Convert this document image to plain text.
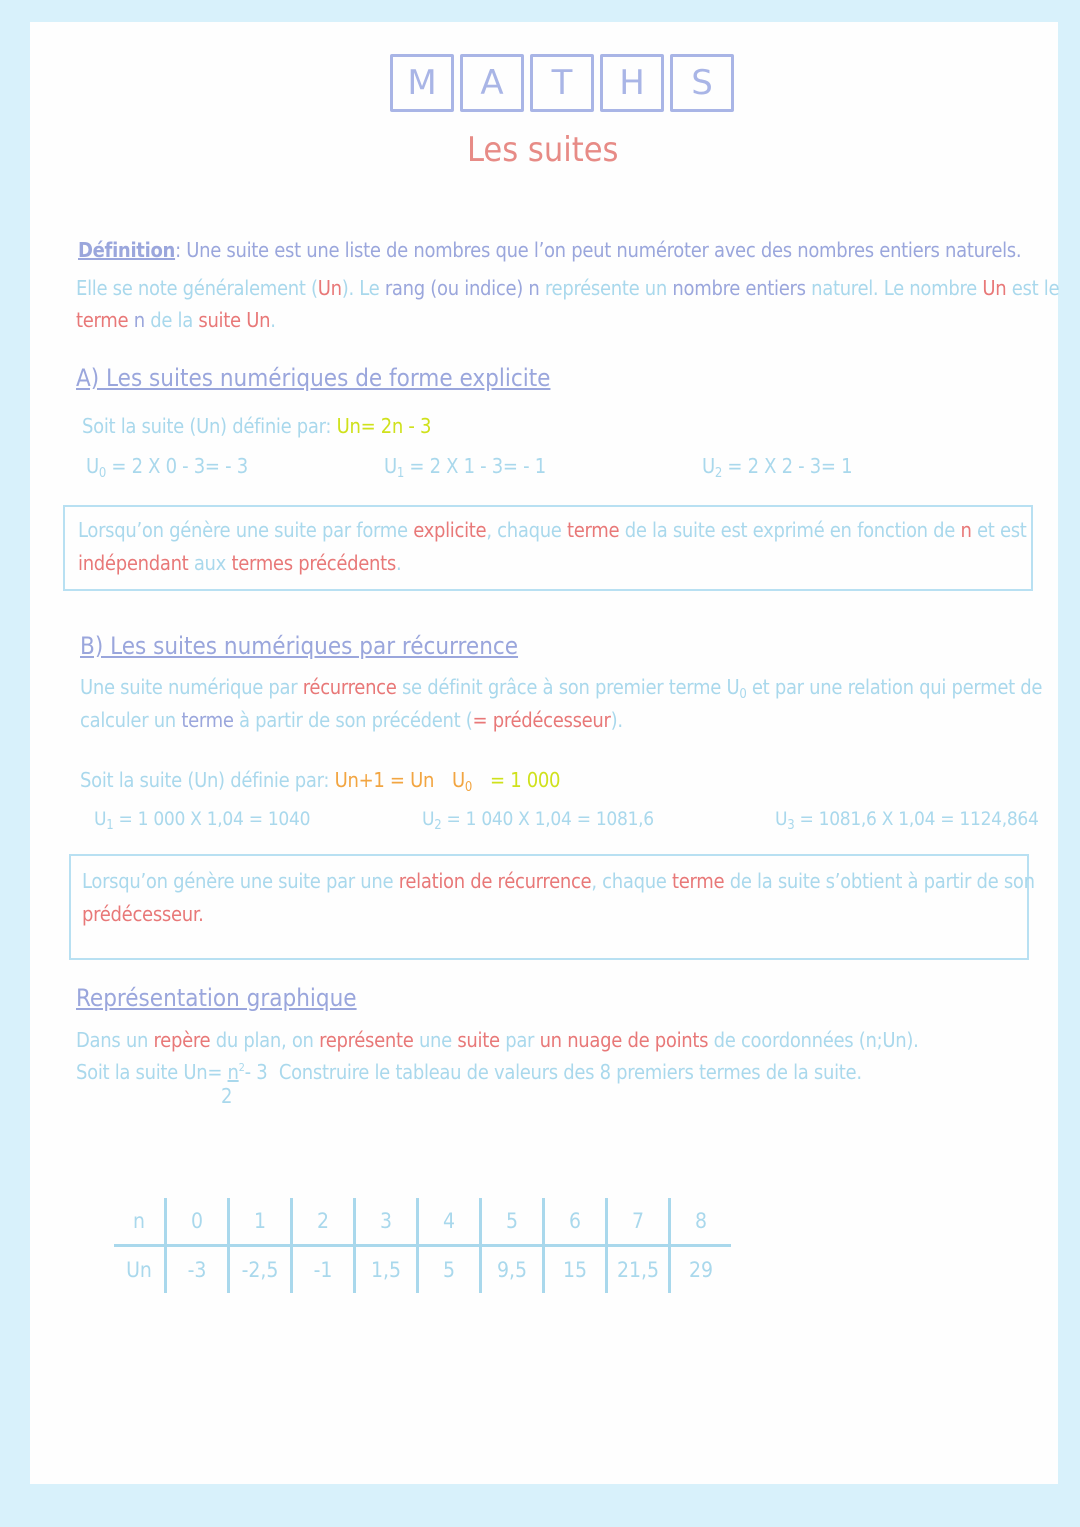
M	A	T	H	S
Les suites
Définition: Une suite est une liste de nombres que l’on peut numéroter avec des nombres entiers naturels.
Elle se note généralement (Un). Le rang (ou indice) n représente un nombre entiers naturel. Le nombre Un est le
terme n de la suite Un.
A) Les suites numériques de forme explicite
Soit la suite (Un) définie par: Un= 2n - 3
$U_0 = 2$ X 0 - 3= - 3	$U_1 = 2$ X 1 - 3= - 1	$U_2 = 2$ X 2 - 3= 1
Lorsqu’on génère une suite par forme explicite, chaque terme de la suite est exprimé en fonction de n et est
indépendant aux termes précédents.
B) Les suites numériques par récurrence
Une suite numérique par récurrence se définit grâce à son premier terme $U_0$ et par une relation qui permet de
calculer un terme à partir de son précédent (= prédécesseur).
Soit la suite (Un) définie par: Un+1 = Un $U_0 = 1$ 000
$U_1 = 1$ 000 X 1,04 = 1040	$U_2 = 1$ 040 X 1,04 = 1081,6	$U_3 = 1081,6$ X 1,04 = 1124,864
Lorsqu’on génère une suite par une relation de récurrence, chaque terme de la suite s’obtient à partir de son
prédécesseur.
Représentation graphique
Dans un repère du plan, on représente une suite par un nuage de points de coordonnées (n;Un).
Soit la suite $Un= n^2-$ 3 Construire le tableau de valeurs des 8 premiers termes de la suite.
2
n	0	1	2	3	4	5	6	7	8
Un	-3	-2,5	-1	1,5	5	9,5	15	21,5	29
